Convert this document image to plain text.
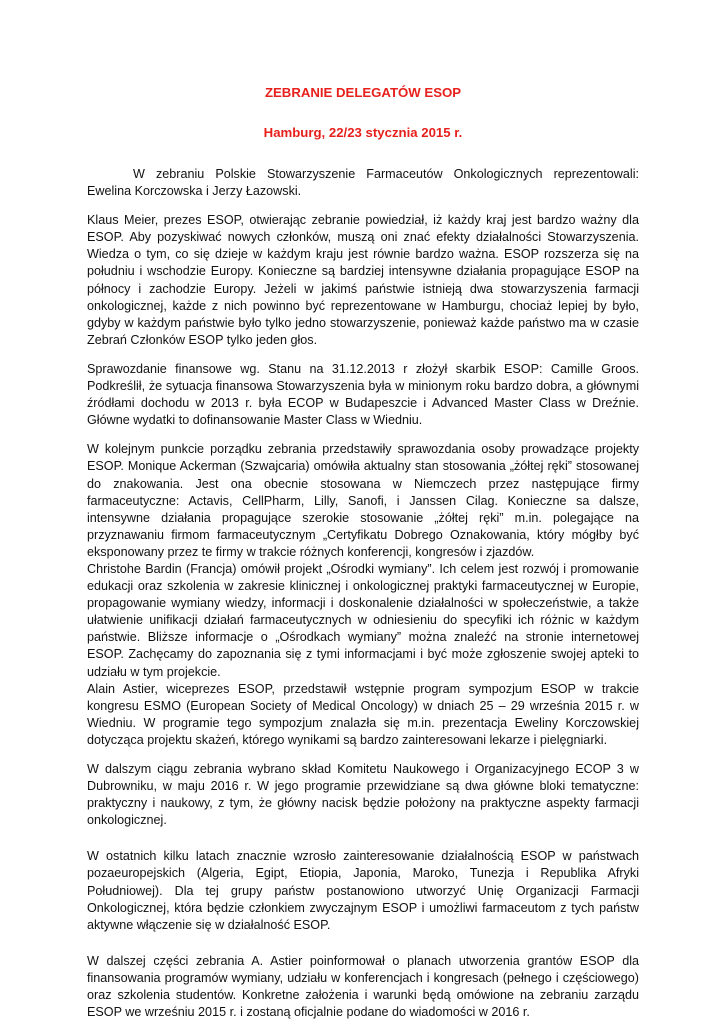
ZEBRANIE DELEGATÓW ESOP

Hamburg, 22/23 stycznia 2015 r.

W zebraniu Polskie Stowarzyszenie Farmaceutów Onkologicznych reprezentowali: Ewelina Korczowska i Jerzy Łazowski.

Klaus Meier, prezes ESOP, otwierając zebranie powiedział, iż każdy kraj jest bardzo ważny dla ESOP. Aby pozyskiwać nowych członków, muszą oni znać efekty działalności Stowarzyszenia. Wiedza o tym, co się dzieje w każdym kraju jest równie bardzo ważna. ESOP rozszerza się na południu i wschodzie Europy. Konieczne są bardziej intensywne działania propagujące ESOP na północy i zachodzie Europy. Jeżeli w jakimś państwie istnieją dwa stowarzyszenia farmacji onkologicznej, każde z nich powinno być reprezentowane w Hamburgu, chociaż lepiej by było, gdyby w każdym państwie było tylko jedno stowarzyszenie, ponieważ każde państwo ma w czasie Zebrań Członków ESOP tylko jeden głos.

Sprawozdanie finansowe wg. Stanu na 31.12.2013 r złożył skarbik ESOP: Camille Groos. Podkreślił, że sytuacja finansowa Stowarzyszenia była w minionym roku bardzo dobra, a głównymi źródłami dochodu w 2013 r. była ECOP w Budapeszcie i Advanced Master Class w Dreźnie. Główne wydatki to dofinansowanie Master Class w Wiedniu.

W kolejnym punkcie porządku zebrania przedstawiły sprawozdania osoby prowadzące projekty ESOP. Monique Ackerman (Szwajcaria) omówiła aktualny stan stosowania „żółtej ręki” stosowanej do znakowania. Jest ona obecnie stosowana w Niemczech przez następujące firmy farmaceutyczne: Actavis, CellPharm, Lilly, Sanofi, i Janssen Cilag. Konieczne sa dalsze, intensywne działania propagujące szerokie stosowanie „żółtej ręki” m.in. polegające na przyznawaniu firmom farmaceutycznym „Certyfikatu Dobrego Oznakowania, który mógłby być eksponowany przez te firmy w trakcie różnych konferencji, kongresów i zjazdów.

Christohe Bardin (Francja) omówił projekt „Ośrodki wymiany”. Ich celem jest rozwój i promowanie edukacji oraz szkolenia w zakresie klinicznej i onkologicznej praktyki farmaceutycznej w Europie, propagowanie wymiany wiedzy, informacji i doskonalenie działalności w społeczeństwie, a także ułatwienie unifikacji działań farmaceutycznych w odniesieniu do specyfiki ich różnic w każdym państwie. Bliższe informacje o „Ośrodkach wymiany” można znaleźć na stronie internetowej ESOP. Zachęcamy do zapoznania się z tymi informacjami i być może zgłoszenie swojej apteki to udziału w tym projekcie.

Alain Astier, wiceprezes ESOP, przedstawił wstępnie program sympozjum ESOP w trakcie kongresu ESMO (European Society of Medical Oncology) w dniach 25 – 29 września 2015 r. w Wiedniu. W programie tego sympozjum znalazła się m.in. prezentacja Eweliny Korczowskiej dotycząca projektu skażeń, którego wynikami są bardzo zainteresowani lekarze i pielęgniarki.

W dalszym ciągu zebrania wybrano skład Komitetu Naukowego i Organizacyjnego ECOP 3 w Dubrowniku, w maju 2016 r. W jego programie przewidziane są dwa główne bloki tematyczne: praktyczny i naukowy, z tym, że główny nacisk będzie położony na praktyczne aspekty farmacji onkologicznej.

W ostatnich kilku latach znacznie wzrosło zainteresowanie działalnością ESOP w państwach pozaeuropejskich (Algeria, Egipt, Etiopia, Japonia, Maroko, Tunezja i Republika Afryki Południowej). Dla tej grupy państw postanowiono utworzyć Unię Organizacji Farmacji Onkologicznej, która będzie członkiem zwyczajnym ESOP i umożliwi farmaceutom z tych państw aktywne włączenie się w działalność ESOP.

W dalszej części zebrania A. Astier poinformował o planach utworzenia grantów ESOP dla finansowania programów wymiany, udziału w konferencjach i kongresach (pełnego i częściowego) oraz szkolenia studentów. Konkretne założenia i warunki będą omówione na zebraniu zarządu ESOP we wrześniu 2015 r. i zostaną oficjalnie podane do wiadomości w 2016 r.
